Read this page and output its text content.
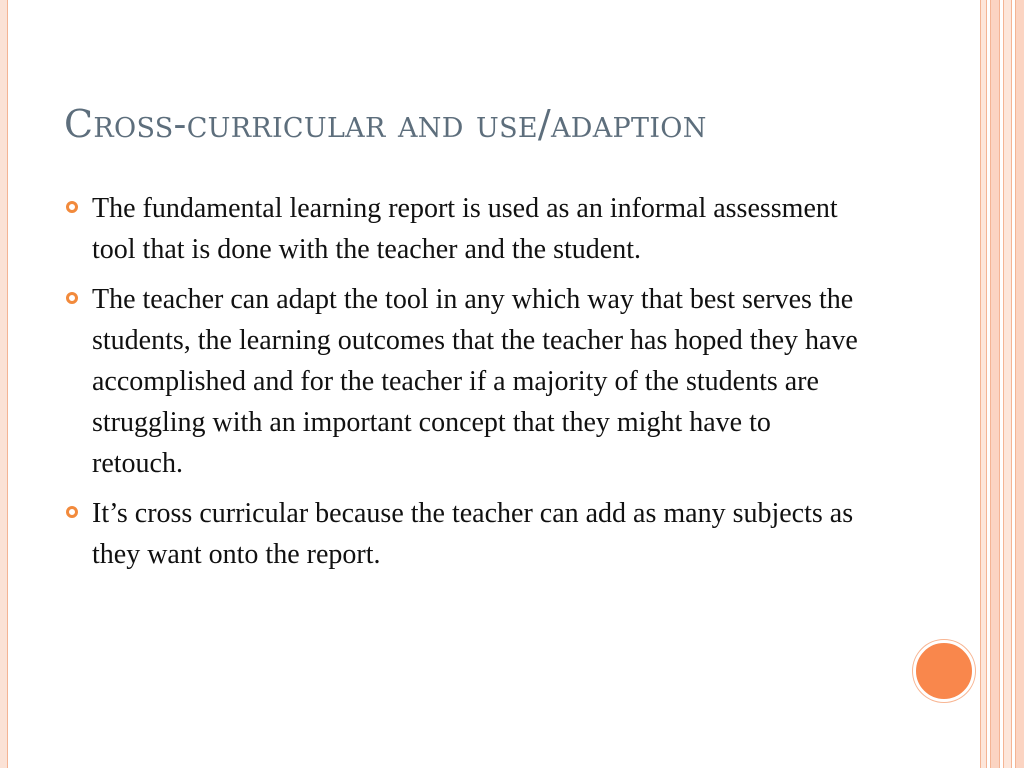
Cross-curricular and use/adaption
The fundamental learning report is used as an informal assessment tool that is done with the teacher and the student.
The teacher can adapt the tool in any which way that best serves the students, the learning outcomes that the teacher has hoped they have accomplished and for the teacher if a majority of the students are struggling with an important concept that they might have to retouch.
It’s cross curricular because the teacher can add as many subjects as they want onto the report.
